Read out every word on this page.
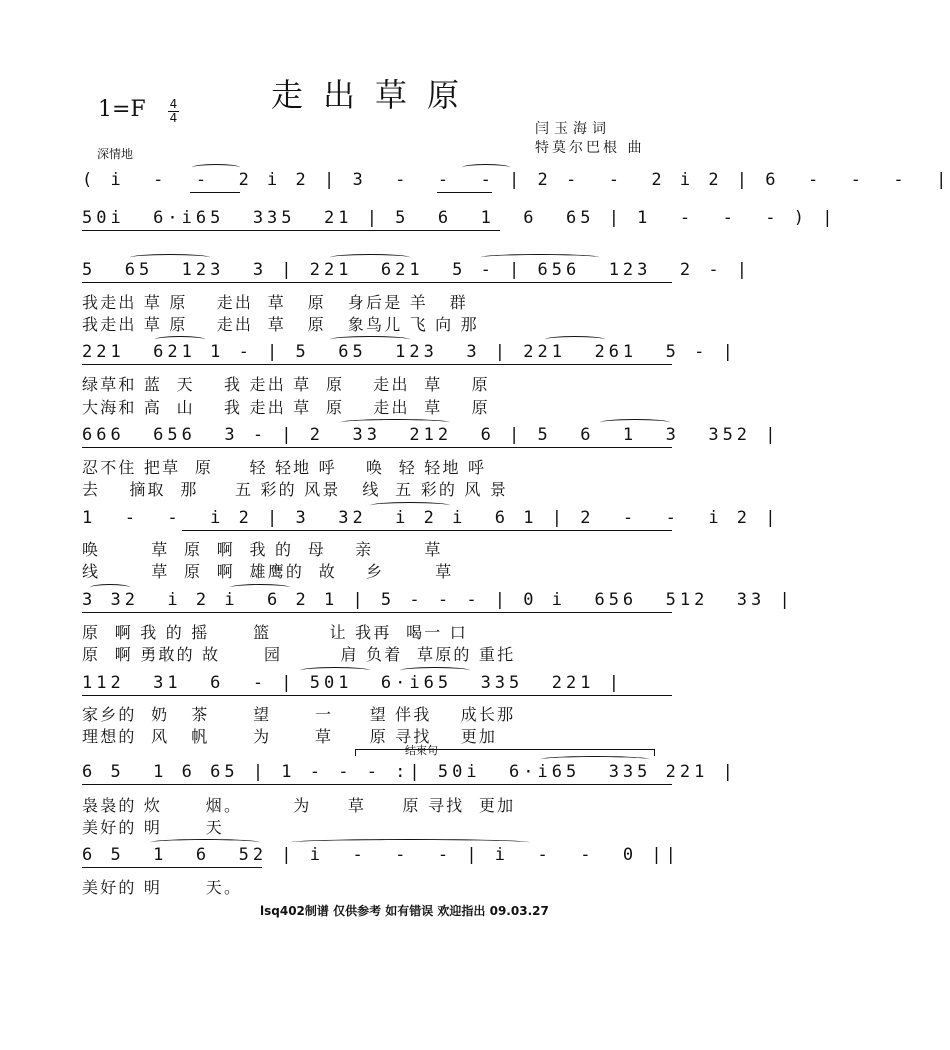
走出草原
1=F 4
4
闫玉海词
特莫尔巴根 曲
深情地
( i  -  -  2 i 2 | 3  -  -  - | 2 -  -  2 i 2 | 6  -  -  -  |
50i  6·i65  335  21 | 5  6  1  6  65 | 1  -  -  - ) |
5  65  123  3 | 221  621  5 - | 656  123  2 - |
221  621 1 - | 5  65  123  3 | 221  261  5 - |
666  656  3 - | 2  33  212  6 | 5  6  1  3  352 |
1  -  -  i 2 | 3  32  i 2 i  6 1 | 2  -  -  i 2 |
3 32  i 2 i  6 2 1 | 5 - - - | 0 i  656  512  33 |
112  31  6  - | 501  6·i65  335  221 |
6 5  1 6 65 | 1 - - - :| 50i  6·i65  335 221 |
6 5  1  6  52 | i  -  -  - | i  -  -  0 ||
我走出 草 原    走出  草   原   身后是 羊   群
我走出 草 原    走出  草   原   象鸟儿 飞 向 那
绿草和 蓝  天    我 走出 草  原    走出  草    原
大海和 高  山    我 走出 草  原    走出  草    原
忍不住 把草  原     轻 轻地 呼    唤  轻 轻地 呼
去    摘取  那     五 彩的 风景   线  五 彩的 风 景
唤       草  原  啊  我 的  母    亲       草
线       草  原  啊  雄鹰的  故    乡       草
原  啊 我 的 摇      篮        让 我再  喝一 口
原  啊 勇敢的 故      园        肩 负着  草原的 重托
家乡的  奶   茶      望      一     望 伴我    成长那
理想的  风   帆      为      草     原 寻找    更加
袅袅的 炊      烟。       为     草     原 寻找  更加
美好的 明      天
美好的 明      天。
结束句
lsq402制谱 仅供参考 如有错误 欢迎指出 09.03.27
